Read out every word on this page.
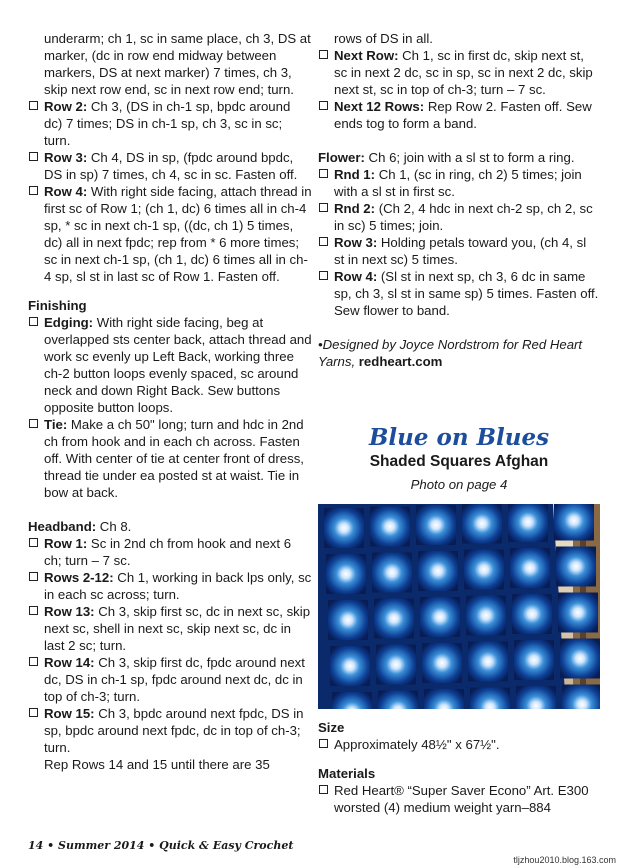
underarm; ch 1, sc in same place, ch 3, DS at marker, (dc in row end midway between markers, DS at next marker) 7 times, ch 3, skip next row end, sc in next row end; turn.

Row 2: Ch 3, (DS in ch-1 sp, bpdc around dc) 7 times; DS in ch-1 sp, ch 3, sc in sc; turn.

Row 3: Ch 4, DS in sp, (fpdc around bpdc, DS in sp) 7 times, ch 4, sc in sc. Fasten off.

Row 4: With right side facing, attach thread in first sc of Row 1; (ch 1, dc) 6 times all in ch-4 sp, * sc in next ch-1 sp, ((dc, ch 1) 5 times, dc) all in next fpdc; rep from * 6 more times; sc in next ch-1 sp, (ch 1, dc) 6 times all in ch-4 sp, sl st in last sc of Row 1. Fasten off.

Finishing

Edging: With right side facing, beg at overlapped sts center back, attach thread and work sc evenly up Left Back, working three ch-2 button loops evenly spaced, sc around neck and down Right Back. Sew buttons opposite button loops.

Tie: Make a ch 50" long; turn and hdc in 2nd ch from hook and in each ch across. Fasten off. With center of tie at center front of dress, thread tie under ea posted st at waist. Tie in bow at back.

Headband: Ch 8.

Row 1: Sc in 2nd ch from hook and next 6 ch; turn – 7 sc.

Rows 2-12: Ch 1, working in back lps only, sc in each sc across; turn.

Row 13: Ch 3, skip first sc, dc in next sc, skip next sc, shell in next sc, skip next sc, dc in last 2 sc; turn.

Row 14: Ch 3, skip first dc, fpdc around next dc, DS in ch-1 sp, fpdc around next dc, dc in top of ch-3; turn.

Row 15: Ch 3, bpdc around next fpdc, DS in sp, bpdc around next fpdc, dc in top of ch-3; turn.

Rep Rows 14 and 15 until there are 35

rows of DS in all.

Next Row: Ch 1, sc in first dc, skip next st, sc in next 2 dc, sc in sp, sc in next 2 dc, skip next st, sc in top of ch-3; turn – 7 sc.

Next 12 Rows: Rep Row 2. Fasten off. Sew ends tog to form a band.

Flower: Ch 6; join with a sl st to form a ring.

Rnd 1: Ch 1, (sc in ring, ch 2) 5 times; join with a sl st in first sc.

Rnd 2: (Ch 2, 4 hdc in next ch-2 sp, ch 2, sc in sc) 5 times; join.

Row 3: Holding petals toward you, (ch 4, sl st in next sc) 5 times.

Row 4: (Sl st in next sp, ch 3, 6 dc in same sp, ch 3, sl st in same sp) 5 times. Fasten off. Sew flower to band.

•Designed by Joyce Nordstrom for Red Heart Yarns, redheart.com

Blue on Blues
Shaded Squares Afghan
Photo on page 4

Size

Approximately 48½" x 67½".

Materials

Red Heart® “Super Saver Econo” Art. E300 worsted (4) medium weight yarn–884

14 • Summer 2014 • Quick & Easy Crochet
tljzhou2010.blog.163.com
